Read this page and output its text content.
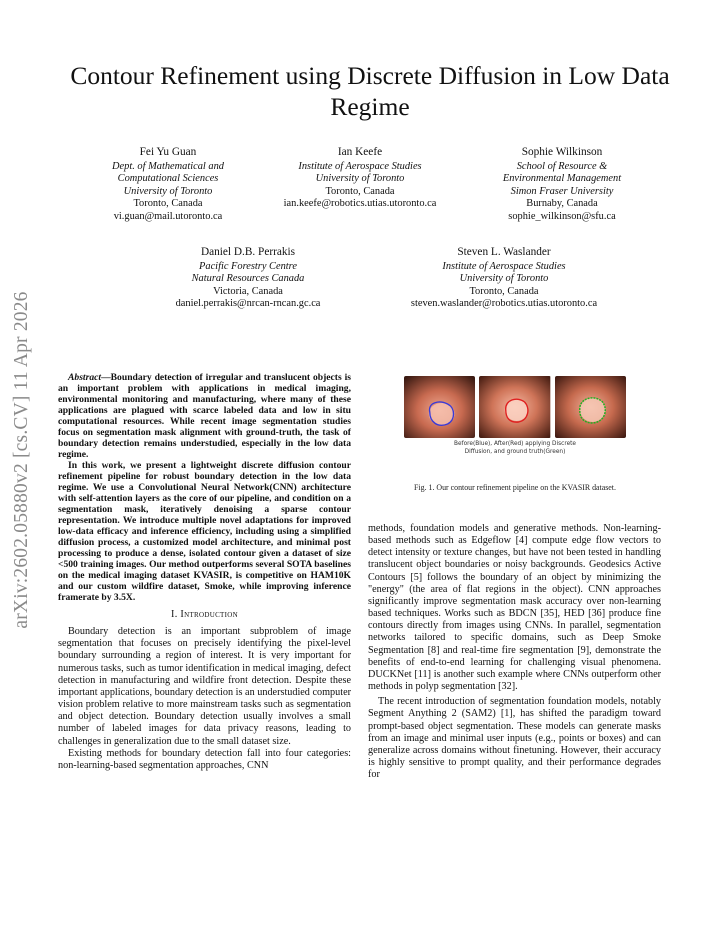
arXiv:2602.05880v2 [cs.CV] 11 Apr 2026
Contour Refinement using Discrete Diffusion in Low Data Regime
Fei Yu Guan
Dept. of Mathematical and
Computational Sciences
University of Toronto
Toronto, Canada
vi.guan@mail.utoronto.ca
Ian Keefe
Institute of Aerospace Studies
University of Toronto
Toronto, Canada
ian.keefe@robotics.utias.utoronto.ca
Sophie Wilkinson
School of Resource &
Environmental Management
Simon Fraser University
Burnaby, Canada
sophie_wilkinson@sfu.ca
Daniel D.B. Perrakis
Pacific Forestry Centre
Natural Resources Canada
Victoria, Canada
daniel.perrakis@nrcan-rncan.gc.ca
Steven L. Waslander
Institute of Aerospace Studies
University of Toronto
Toronto, Canada
steven.waslander@robotics.utias.utoronto.ca

Abstract—Boundary detection of irregular and translucent objects is an important problem with applications in medical imaging, environmental monitoring and manufacturing, where many of these applications are plagued with scarce labeled data and low in situ computational resources. While recent image segmentation studies focus on segmentation mask alignment with ground-truth, the task of boundary detection remains understudied, especially in the low data regime.

In this work, we present a lightweight discrete diffusion contour refinement pipeline for robust boundary detection in the low data regime. We use a Convolutional Neural Network(CNN) architecture with self-attention layers as the core of our pipeline, and condition on a segmentation mask, iteratively denoising a sparse contour representation. We introduce multiple novel adaptations for improved low-data efficacy and inference efficiency, including using a simplified diffusion process, a customized model architecture, and minimal post processing to produce a dense, isolated contour given a dataset of size <500 training images. Our method outperforms several SOTA baselines on the medical imaging dataset KVASIR, is competitive on HAM10K and our custom wildfire dataset, Smoke, while improving inference framerate by 3.5X.

I. Introduction

Boundary detection is an important subproblem of image segmentation that focuses on precisely identifying the pixel-level boundary surrounding a region of interest. It is very important for numerous tasks, such as tumor identification in medical imaging, defect detection in manufacturing and wildfire front detection. Despite these important applications, boundary detection is an understudied computer vision problem relative to more mainstream tasks such as segmentation and object detection. Boundary detection usually involves a small number of labeled images for data privacy reasons, leading to challenges in generalization due to the small dataset size.

Existing methods for boundary detection fall into four categories: non-learning-based segmentation approaches, CNN

Before(Blue), After(Red) applying Discrete
Diffusion, and ground truth(Green)
Fig. 1. Our contour refinement pipeline on the KVASIR dataset.

methods, foundation models and generative methods. Non-learning-based methods such as Edgeflow [4] compute edge flow vectors to detect intensity or texture changes, but have not been tested in handling translucent object boundaries or noisy backgrounds. Geodesics Active Contours [5] follows the boundary of an object by minimizing the "energy" (the area of flat regions in the object). CNN approaches significantly improve segmentation mask accuracy over non-learning based techniques. Works such as BDCN [35], HED [36] produce fine contours directly from images using CNNs. In parallel, segmentation networks tailored to specific domains, such as Deep Smoke Segmentation [8] and real-time fire segmentation [9], demonstrate the benefits of end-to-end learning for challenging visual phenomena. DUCKNet [11] is another such example where CNNs outperform other methods in polyp segmentation [32].

The recent introduction of segmentation foundation models, notably Segment Anything 2 (SAM2) [1], has shifted the paradigm toward prompt-based object segmentation. These models can generate masks from an image and minimal user inputs (e.g., points or boxes) and can generalize across domains without finetuning. However, their accuracy is highly sensitive to prompt quality, and their performance degrades for
